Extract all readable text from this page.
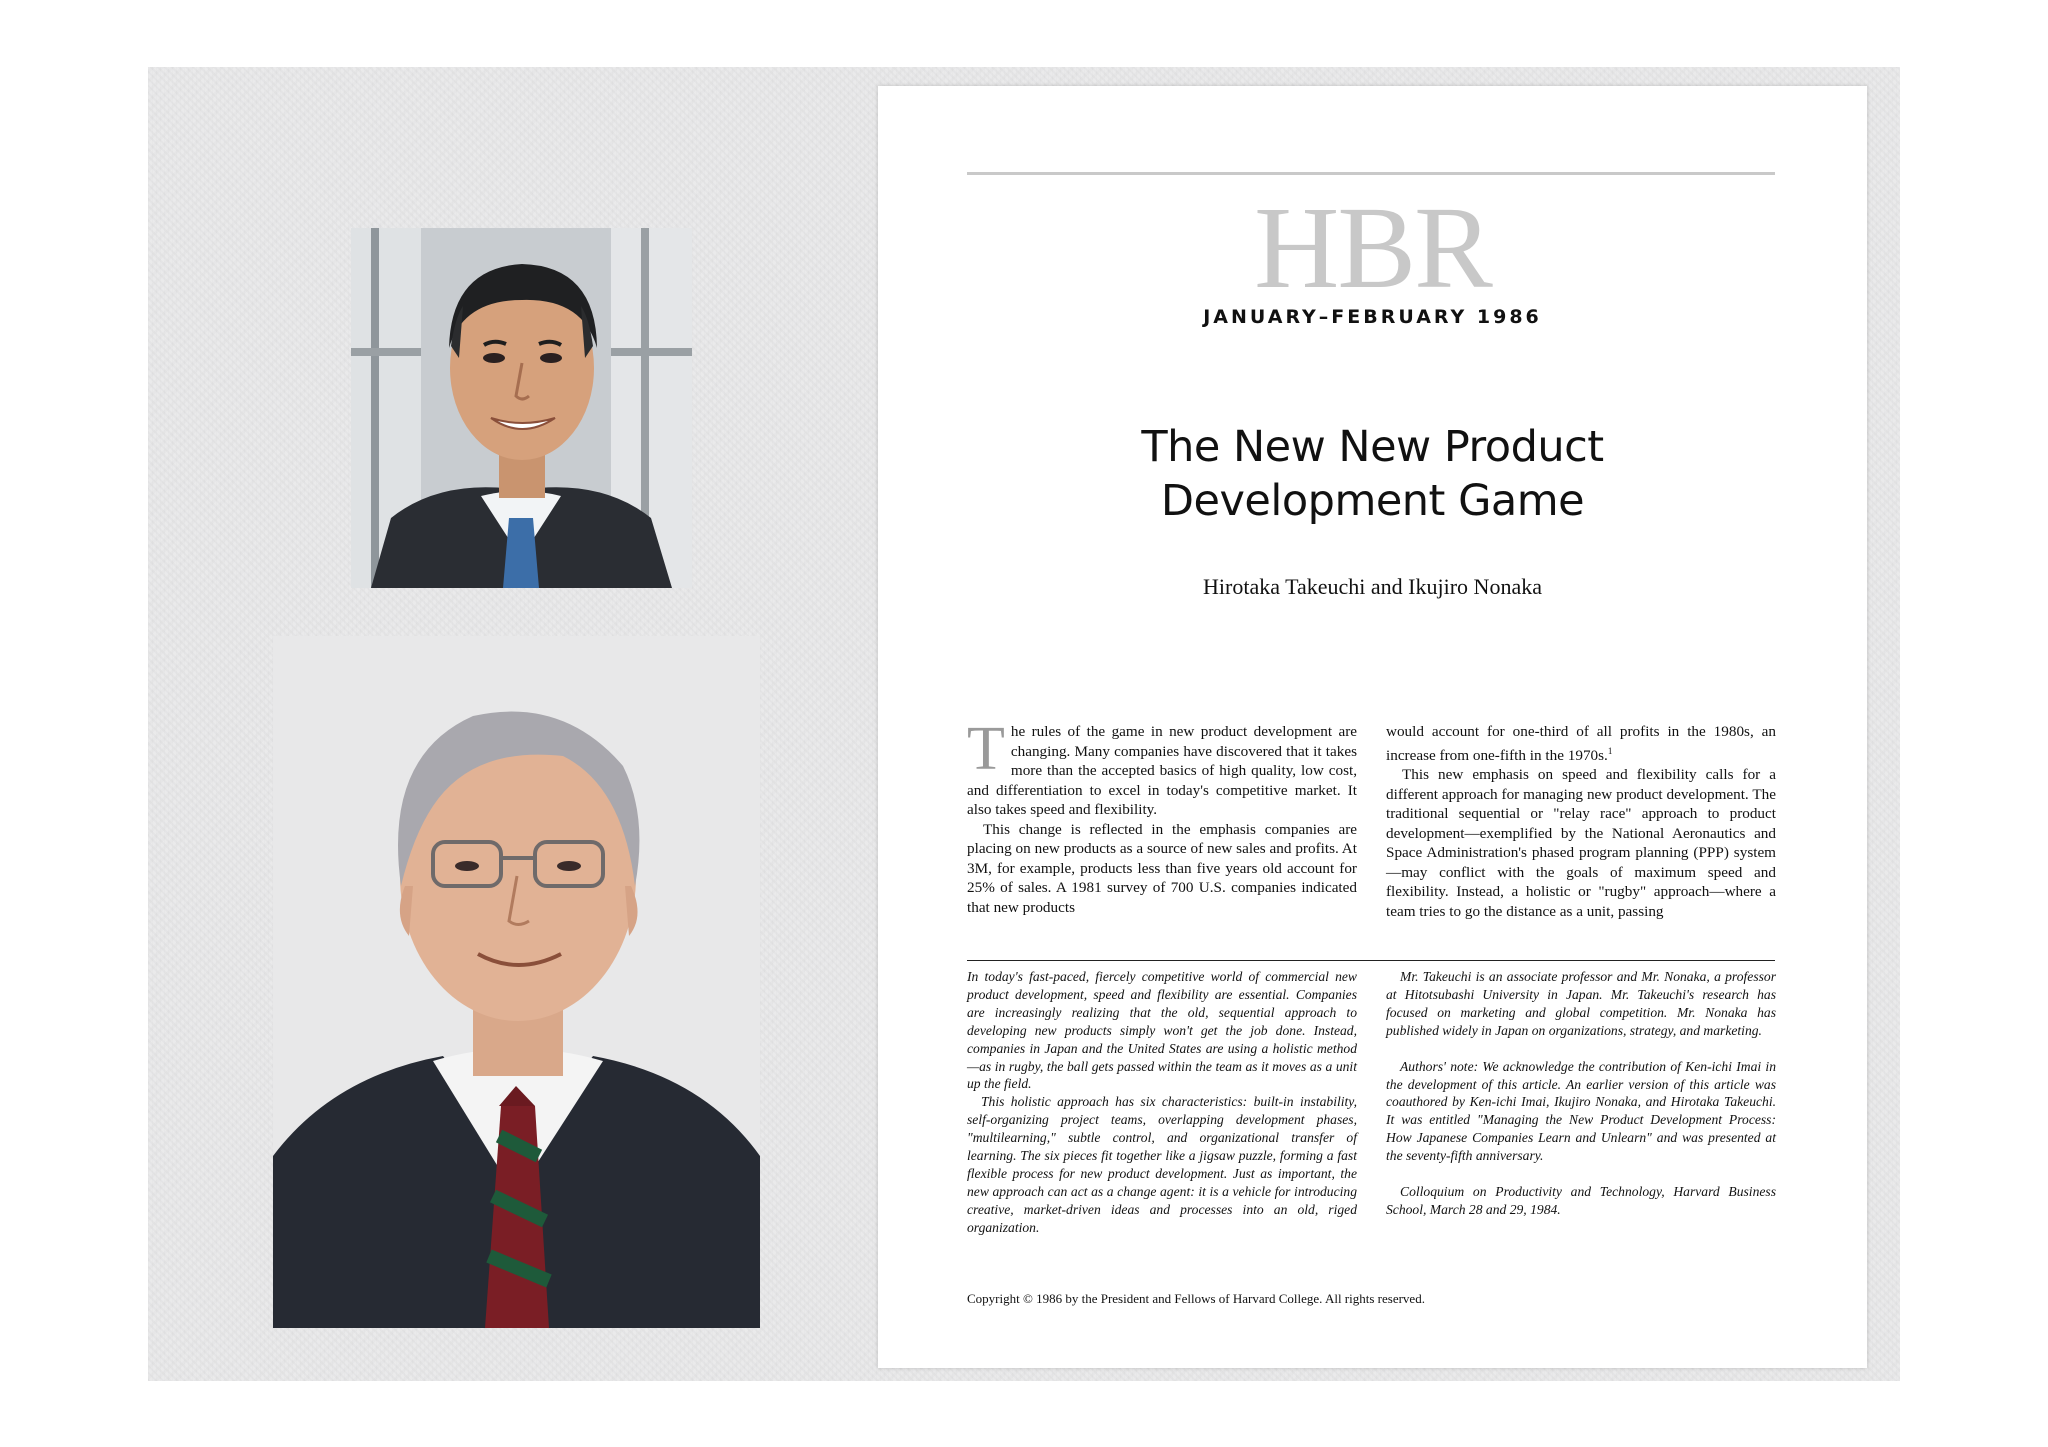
HBR
JANUARY–FEBRUARY 1986
The New New Product
Development Game
Hirotaka Takeuchi and Ikujiro Nonaka

The rules of the game in new product development are changing. Many companies have discovered that it takes more than the accepted basics of high quality, low cost, and differentiation to excel in today's competitive market. It also takes speed and flexibility.

This change is reflected in the emphasis companies are placing on new products as a source of new sales and profits. At 3M, for example, products less than five years old account for 25% of sales. A 1981 survey of 700 U.S. companies indicated that new products

would account for one-third of all profits in the 1980s, an increase from one-fifth in the 1970s.$^1$

This new emphasis on speed and flexibility calls for a different approach for managing new product development. The traditional sequential or "relay race" approach to product development—exemplified by the National Aeronautics and Space Administration's phased program planning (PPP) system—may conflict with the goals of maximum speed and flexibility. Instead, a holistic or "rugby" approach—where a team tries to go the distance as a unit, passing

In today's fast-paced, fiercely competitive world of commercial new product development, speed and flexibility are essential. Companies are increasingly realizing that the old, sequential approach to developing new products simply won't get the job done. Instead, companies in Japan and the United States are using a holistic method—as in rugby, the ball gets passed within the team as it moves as a unit up the field.

This holistic approach has six characteristics: built-in instability, self-organizing project teams, overlapping development phases, "multilearning," subtle control, and organizational transfer of learning. The six pieces fit together like a jigsaw puzzle, forming a fast flexible process for new product development. Just as important, the new approach can act as a change agent: it is a vehicle for introducing creative, market-driven ideas and processes into an old, riged organization.

Mr. Takeuchi is an associate professor and Mr. Nonaka, a professor at Hitotsubashi University in Japan. Mr. Takeuchi's research has focused on marketing and global competition. Mr. Nonaka has published widely in Japan on organizations, strategy, and marketing.

Authors' note: We acknowledge the contribution of Ken-ichi Imai in the development of this article. An earlier version of this article was coauthored by Ken-ichi Imai, Ikujiro Nonaka, and Hirotaka Takeuchi. It was entitled "Managing the New Product Development Process: How Japanese Companies Learn and Unlearn" and was presented at the seventy-fifth anniversary.

Colloquium on Productivity and Technology, Harvard Business School, March 28 and 29, 1984.

Copyright © 1986 by the President and Fellows of Harvard College. All rights reserved.
